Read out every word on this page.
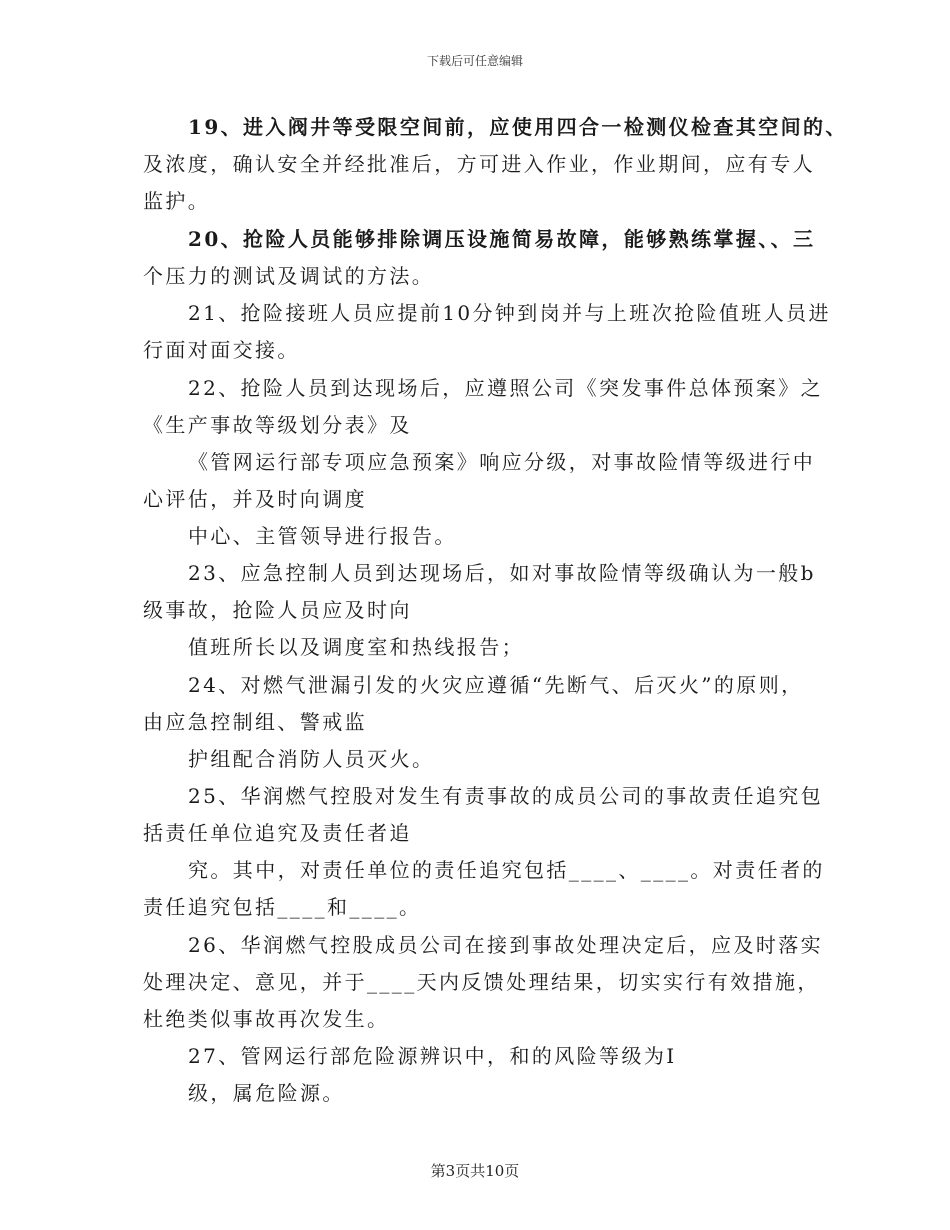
下载后可任意编辑
19、进入阀井等受限空间前，应使用四合一检测仪检查其空间的、
及浓度，确认安全并经批准后，方可进入作业，作业期间，应有专人
监护。
20、抢险人员能够排除调压设施简易故障，能够熟练掌握、、三
个压力的测试及调试的方法。
21、抢险接班人员应提前10分钟到岗并与上班次抢险值班人员进
行面对面交接。
22、抢险人员到达现场后，应遵照公司《突发事件总体预案》之
《生产事故等级划分表》及
《管网运行部专项应急预案》响应分级，对事故险情等级进行中
心评估，并及时向调度
中心、主管领导进行报告。
23、应急控制人员到达现场后，如对事故险情等级确认为一般b
级事故，抢险人员应及时向
值班所长以及调度室和热线报告；
24、对燃气泄漏引发的火灾应遵循“先断气、后灭火”的原则，
由应急控制组、警戒监
护组配合消防人员灭火。
25、华润燃气控股对发生有责事故的成员公司的事故责任追究包
括责任单位追究及责任者追
究。其中，对责任单位的责任追究包括____、____。对责任者的
责任追究包括____和____。
26、华润燃气控股成员公司在接到事故处理决定后，应及时落实
处理决定、意见，并于____天内反馈处理结果，切实实行有效措施，
杜绝类似事故再次发生。
27、管网运行部危险源辨识中，和的风险等级为Ⅰ
级，属危险源。
第3页共10页
